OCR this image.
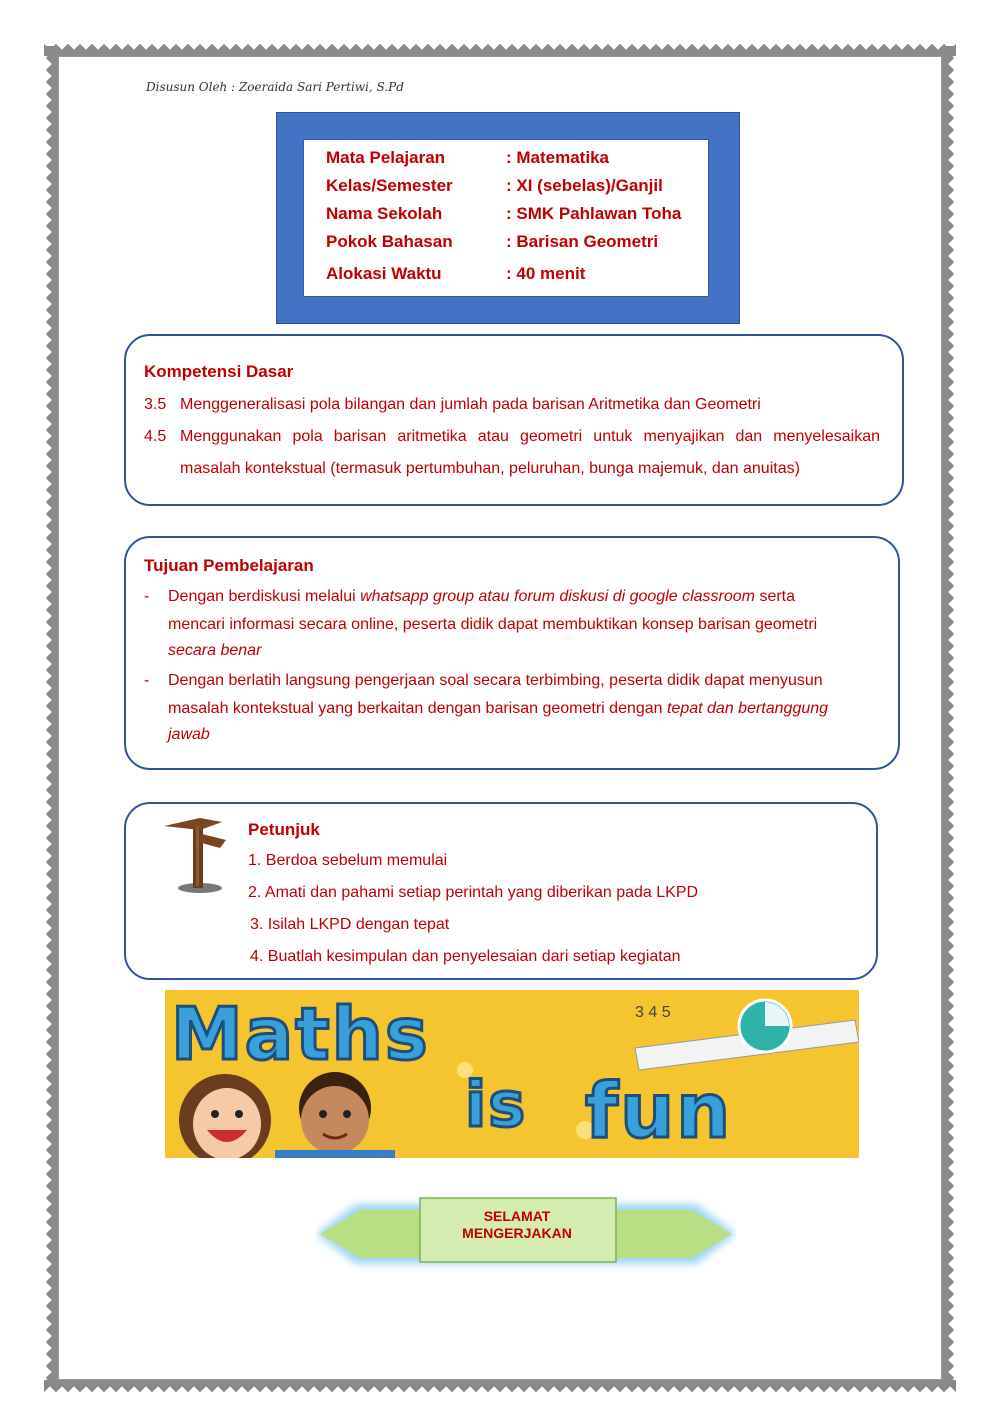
Disusun Oleh : Zoeraida Sari Pertiwi, S.Pd
Mata Pelajaran	: Matematika
Kelas/Semester	: XI (sebelas)/Ganjil
Nama Sekolah	: SMK Pahlawan Toha
Pokok Bahasan	: Barisan Geometri
Alokasi Waktu	: 40 menit
Kompetensi Dasar
3.5 Menggeneralisasi pola bilangan dan jumlah pada barisan Aritmetika dan Geometri
4.5 Menggunakan pola barisan aritmetika atau geometri untuk menyajikan dan menyelesaikan
masalah kontekstual (termasuk pertumbuhan, peluruhan, bunga majemuk, dan anuitas)
Tujuan Pembelajaran
- Dengan berdiskusi melalui whatsapp group atau forum diskusi di google classroom serta
mencari informasi secara online, peserta didik dapat membuktikan konsep barisan geometri
secara benar
- Dengan berlatih langsung pengerjaan soal secara terbimbing, peserta didik dapat menyusun
masalah kontekstual yang berkaitan dengan barisan geometri dengan tepat dan bertanggung
jawab
Petunjuk
1. Berdoa sebelum memulai
2. Amati dan pahami setiap perintah yang diberikan pada LKPD
3. Isilah LKPD dengan tepat
4. Buatlah kesimpulan dan penyelesaian dari setiap kegiatan
Maths
is fun
3 4 5
SELAMAT
MENGERJAKAN
